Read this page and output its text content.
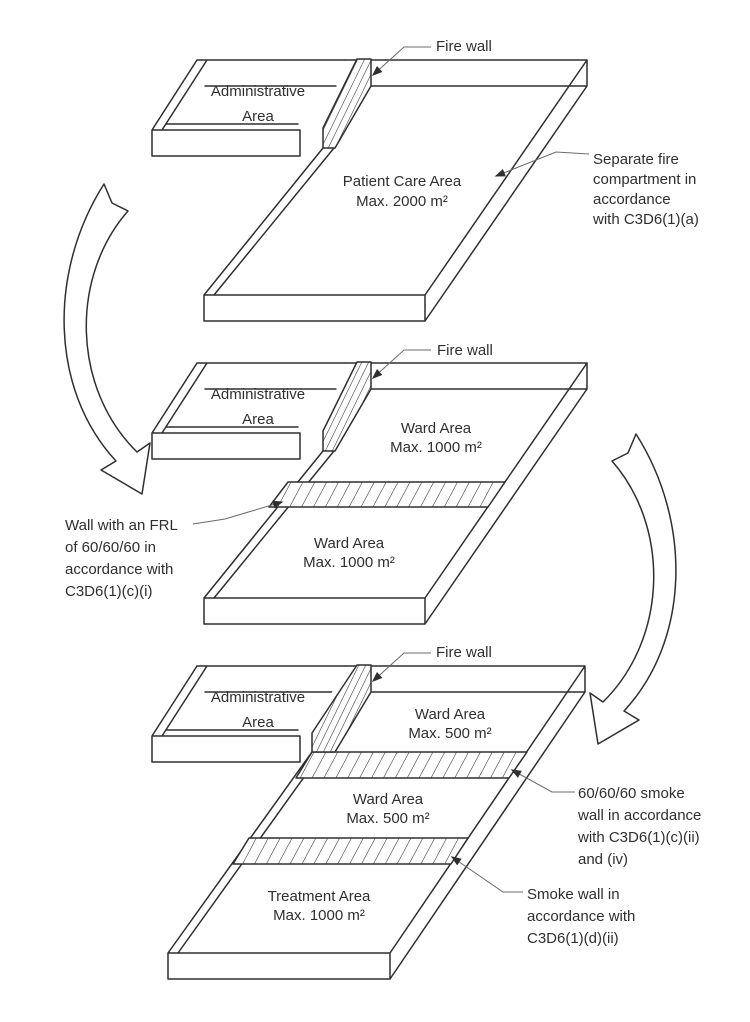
Fire wall
Administrative
Area
Patient Care Area
Max. 2000 m²
Separate fire
compartment in
accordance
with C3D6(1)(a)
Fire wall
Administrative
Area
Ward Area
Max. 1000 m²
Ward Area
Max. 1000 m²
Wall with an FRL
of 60/60/60 in
accordance with
C3D6(1)(c)(i)
Fire wall
Administrative
Area	Ward Area
Max. 500 m²
Ward Area
Max. 500 m²
Treatment Area
Max. 1000 m²
60/60/60 smoke
wall in accordance
with C3D6(1)(c)(ii)
and (iv)
Smoke wall in
accordance with
C3D6(1)(d)(ii)
